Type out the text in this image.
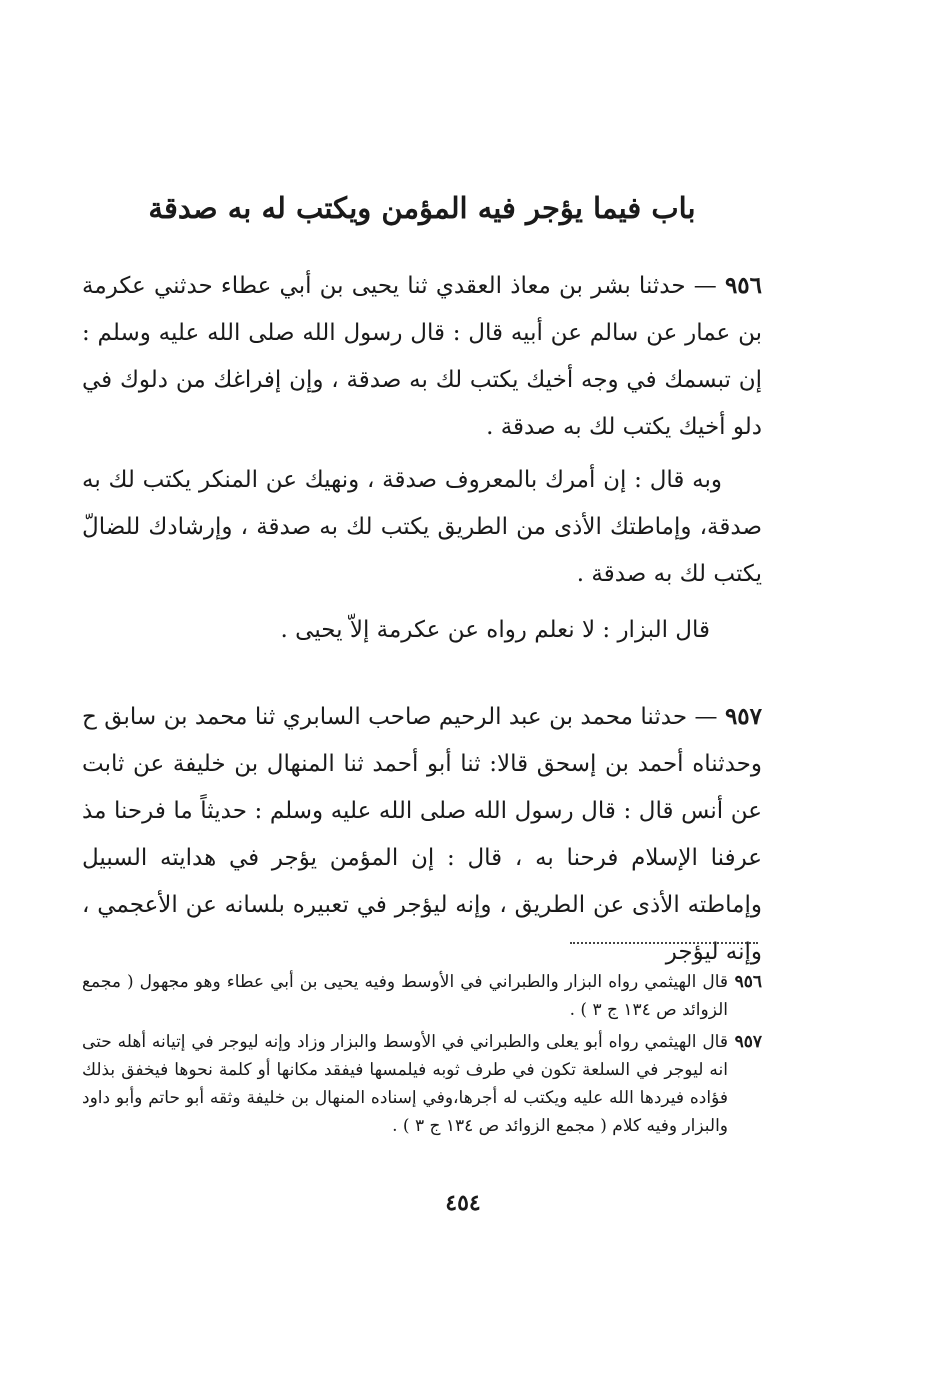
باب فيما يؤجر فيه المؤمن ويكتب له به صدقة

٩٥٦ — حدثنا بشر بن معاذ العقدي ثنا يحيى بن أبي عطاء حدثني عكرمة بن عمار عن سالم عن أبيه قال : قال رسول الله صلى الله عليه وسلم : إن تبسمك في وجه أخيك يكتب لك به صدقة ، وإن إفراغك من دلوك في دلو أخيك يكتب لك به صدقة .

وبه قال : إن أمرك بالمعروف صدقة ، ونهيك عن المنكر يكتب لك به صدقة، وإماطتك الأذى من الطريق يكتب لك به صدقة ، وإرشادك للضالّ يكتب لك به صدقة .

قال البزار : لا نعلم رواه عن عكرمة إلاّ يحيى .

٩٥٧ — حدثنا محمد بن عبد الرحيم صاحب السابري ثنا محمد بن سابق ح وحدثناه أحمد بن إسحق قالا: ثنا أبو أحمد ثنا المنهال بن خليفة عن ثابت عن أنس قال : قال رسول الله صلى الله عليه وسلم : حديثاً ما فرحنا مذ عرفنا الإسلام فرحنا به ، قال : إن المؤمن يؤجر في هدايته السبيل وإماطته الأذى عن الطريق ، وإنه ليؤجر في تعبيره بلسانه عن الأعجمي ، وإنه ليؤجر

٩٥٦قال الهيثمي رواه البزار والطبراني في الأوسط وفيه يحيى بن أبي عطاء وهو مجهول ( مجمع الزوائد ص ١٣٤ ج ٣ ) .

٩٥٧قال الهيثمي رواه أبو يعلى والطبراني في الأوسط والبزار وزاد وإنه ليوجر في إتيانه أهله حتى انه ليوجر في السلعة تكون في طرف ثوبه فيلمسها فيفقد مكانها أو كلمة نحوها فيخفق بذلك فؤاده فيردها الله عليه ويكتب له أجرها،وفي إسناده المنهال بن خليفة وثقه أبو حاتم وأبو داود والبزار وفيه كلام ( مجمع الزوائد ص ١٣٤ ج ٣ ) .

٤٥٤
